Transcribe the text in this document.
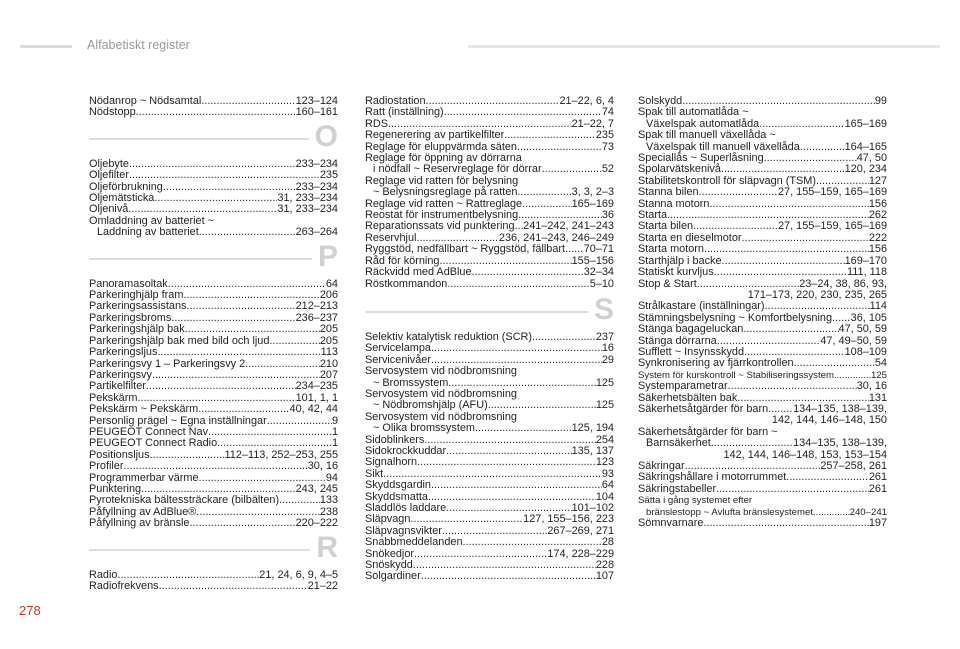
Alfabetiskt register
Nödanrop ~ Nödsamtal .....	123–124
Nödstopp .....	160–161
O
Oljebyte .....	233–234
Oljefilter .....	235
Oljeförbrukning .....	233–234
Oljemätsticka .....	31, 233–234
Oljenivå .....	31, 233–234
Omladdning av batteriet ~
Laddning av batteriet .....	263–264
P
Panoramasoltak .....	64
Parkeringhjälp fram .....	206
Parkeringsassistans .....	212–213
Parkeringsbroms .....	236–237
Parkeringshjälp bak .....	205
Parkeringshjälp bak med bild och ljud .....	205
Parkeringsljus .....	113
Parkeringsvy 1 – Parkeringsvy 2 .....	210
Parkeringsvy .....	207
Partikelfilter .....	234–235
Pekskärm .....	101, 1, 1
Pekskärm ~ Pekskärm .....	40, 42, 44
Personlig prägel ~ Egna inställningar .....	9
PEUGEOT Connect Nav .....	1
PEUGEOT Connect Radio .....	1
Positionsljus .....	112–113, 252–253, 255
Profiler .....	30, 16
Programmerbar värme .....	94
Punktering .....	243, 245
Pyrotekniska bältessträckare (bilbälten) .....	133
Påfyllning av AdBlue® .....	238
Påfyllning av bränsle .....	220–222
R
Radio .....	21, 24, 6, 9, 4–5
Radiofrekvens .....	21–22
Radiostation .....	21–22, 6, 4
Ratt (inställning) .....	74
RDS .....	21–22, 7
Regenerering av partikelfilter .....	235
Reglage för eluppvärmda säten .....	73
Reglage för öppning av dörrarna
i nödfall ~ Reservreglage för dörrar .....	52
Reglage vid ratten för belysning
~ Belysningsreglage på ratten .....	3, 3, 2–3
Reglage vid ratten ~ Rattreglage .....	165–169
Reostat för instrumentbelysning .....	36
Reparationssats vid punktering ..... 241–242, 241–243
Reservhjul .....	236, 241–243, 246–249
Ryggstöd, nedfällbart ~ Ryggstöd, fällbart ..... 70–71
Råd för körning .....	155–156
Räckvidd med AdBlue .....	32–34
Röstkommandon .....	5–10
S
Selektiv katalytisk reduktion (SCR) .....	237
Servicelampa .....	16
Servicenivåer .....	29
Servosystem vid nödbromsning
~ Bromssystem .....	125
Servosystem vid nödbromsning
~ Nödbromshjälp (AFU) .....	125
Servosystem vid nödbromsning
~ Olika bromssystem .....	125, 194
Sidoblinkers .....	254
Sidokrockkuddar .....	135, 137
Signalhorn .....	123
Sikt .....	93
Skyddsgardin .....	64
Skyddsmatta .....	104
Sladdlös laddare .....	101–102
Släpvagn .....	127, 155–156, 223
Släpvagnsvikter .....	267–269, 271
Snabbmeddelanden .....	28
Snökedjor .....	174, 228–229
Snöskydd .....	228
Solgardiner .....	107
Solskydd .....	99
Spak till automatlåda ~
Växelspak automatlåda .....	165–169
Spak till manuell växellåda ~
Växelspak till manuell växellåda .....	164–165
Speciallås ~ Superlåsning .....	47, 50
Spolarvätskenivå .....	120, 234
Stabilitetskontroll för släpvagn (TSM) .....	127
Stanna bilen .....	27, 155–159, 165–169
Stanna motorn .....	156
Starta .....	262
Starta bilen .....	27, 155–159, 165–169
Starta en dieselmotor .....	222
Starta motorn .....	156
Starthjälp i backe .....	169–170
Statiskt kurvljus .....	111, 118
Stop & Start .....	23–24, 38, 86, 93,
171–173, 220, 230, 235, 265
Strålkastare (inställningar) .....	114
Stämningsbelysning ~ Komfortbelysning ..... 36, 105
Stänga bagageluckan .....	47, 50, 59
Stänga dörrarna .....	47, 49–50, 59
Sufflett ~ Insynsskydd .....	108–109
Synkronisering av fjärrkontrollen .....	54
System för kurskontroll ~ Stabiliseringssystem .....	125
Systemparametrar .....	30, 16
Säkerhetsbälten bak .....	131
Säkerhetsåtgärder för barn ..... 134–135, 138–139,
142, 144, 146–148, 150
Säkerhetsåtgärder för barn ~
Barnsäkerhet .....	134–135, 138–139,
142, 144, 146–148, 153, 153–154
Säkringar .....	257–258, 261
Säkringshållare i motorrummet .....	261
Säkringstabeller .....	261
Sätta i gång systemet efter
bränslestopp ~ Avlufta bränslesystemet .....	240–241
Sömnvarnare .....	197
278
